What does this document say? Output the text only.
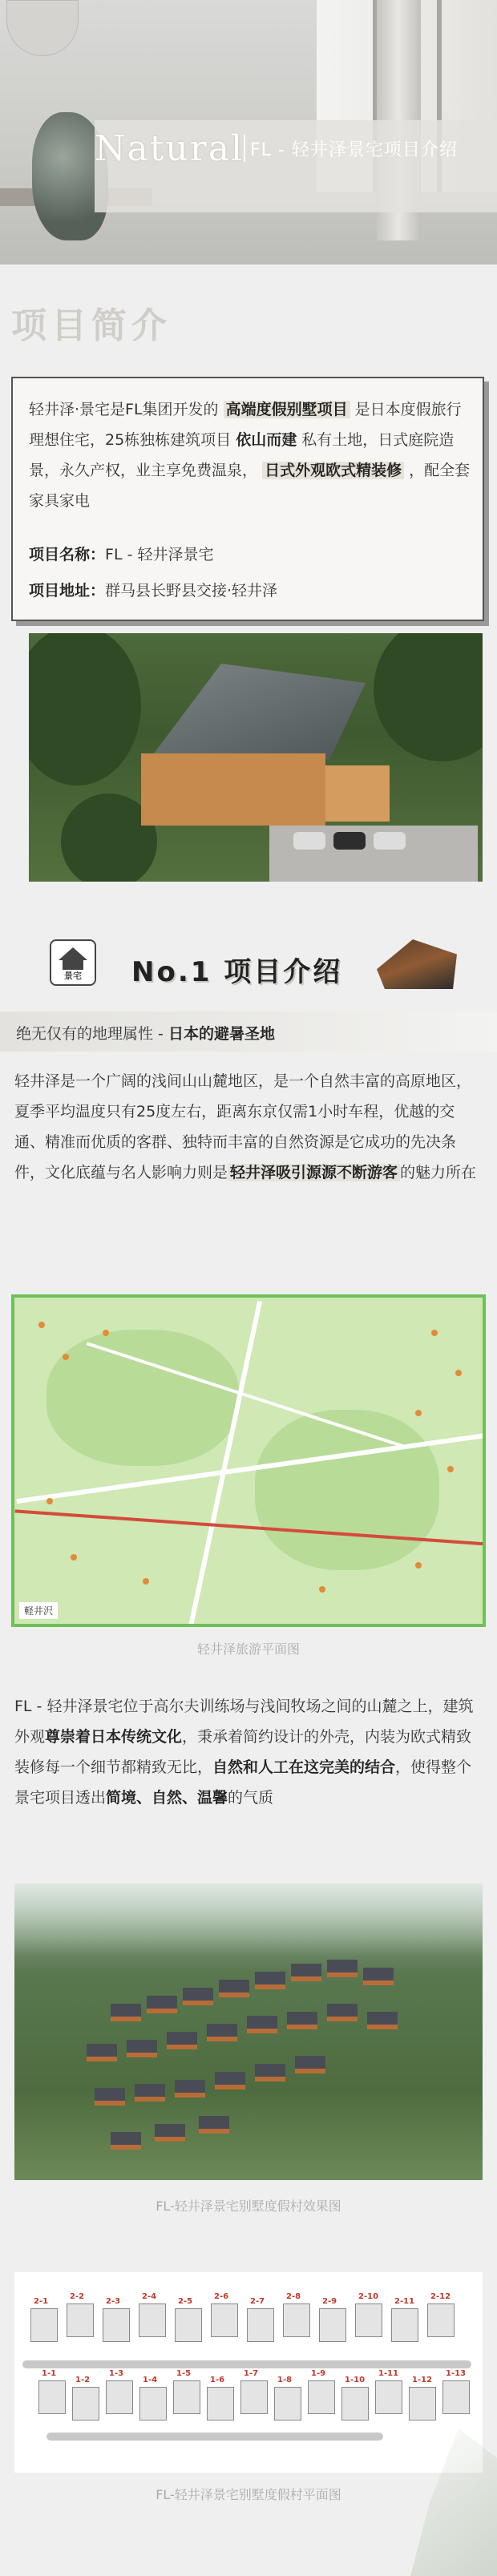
Natural FL - 轻井泽景宅项目介绍
项目简介
轻井泽·景宅是FL集团开发的 高端度假别墅项目 是日本度假旅行理想住宅，25栋独栋建筑项目 依山而建 私有土地，日式庭院造景，永久产权，业主享免费温泉， 日式外观欧式精装修 ，配全套家具家电
项目名称：FL - 轻井泽景宅
项目地址：群马县长野县交接·轻井泽
景宅	No.1 项目介绍
绝无仅有的地理属性 - 日本的避暑圣地
轻井泽是一个广阔的浅间山山麓地区，是一个自然丰富的高原地区，夏季平均温度只有25度左右，距离东京仅需1小时车程，优越的交通、精准而优质的客群、独特而丰富的自然资源是它成功的先决条件，文化底蕴与名人影响力则是 轻井泽吸引源源不断游客 的魅力所在
軽井沢
轻井泽旅游平面图
FL - 轻井泽景宅位于高尔夫训练场与浅间牧场之间的山麓之上，建筑外观尊崇着日本传统文化，秉承着简约设计的外壳，内装为欧式精致装修每一个细节都精致无比，自然和人工在这完美的结合，使得整个景宅项目透出简境、自然、温馨的气质
FL-轻井泽景宅别墅度假村效果图
2-1
2-2
2-3
2-4
2-5
2-6
2-7
2-8
2-9
2-10
2-11
2-12
1-1
1-2
1-3
1-4
1-5
1-6
1-7
1-8
1-9
1-10
1-11
1-12
1-13
FL-轻井泽景宅别墅度假村平面图
